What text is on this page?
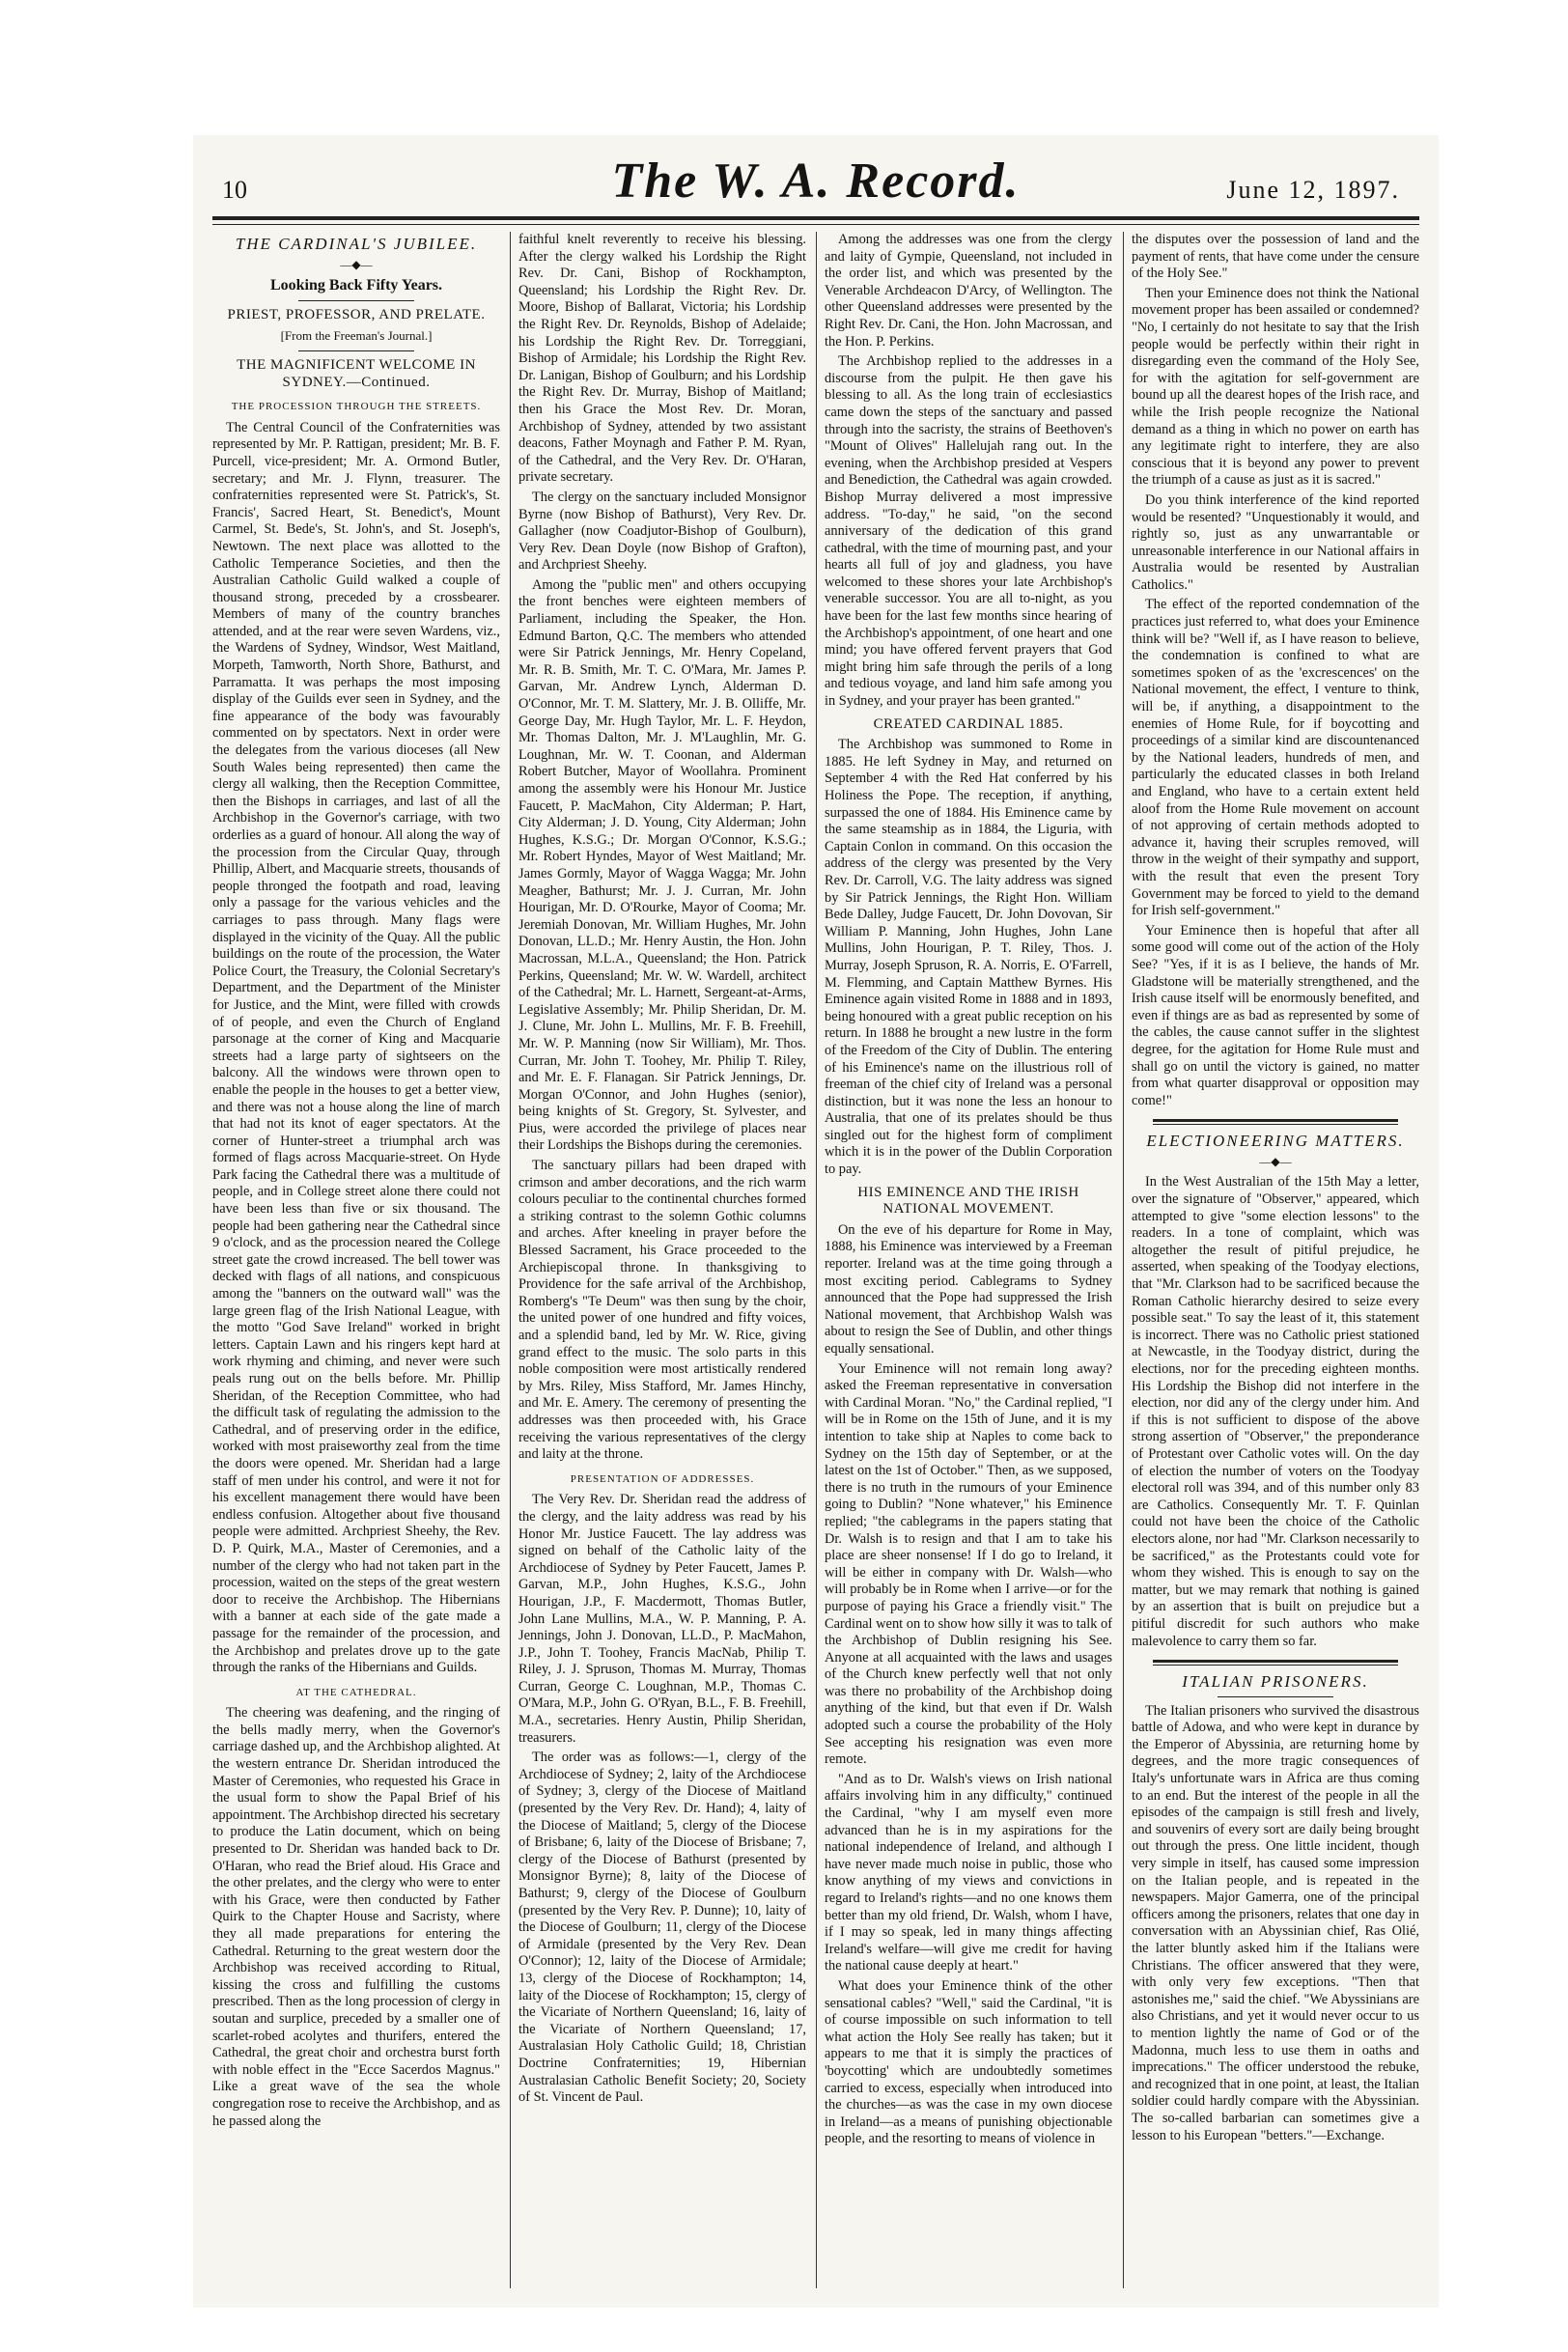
10	The W. A. Record.	June 12, 1897.
THE CARDINAL'S JUBILEE.
—◆—
Looking Back Fifty Years.
PRIEST, PROFESSOR, AND PRELATE.
[From the Freeman's Journal.]
THE MAGNIFICENT WELCOME IN SYDNEY.—Continued.
THE PROCESSION THROUGH THE STREETS.

The Central Council of the Confraternities was represented by Mr. P. Rattigan, president; Mr. B. F. Purcell, vice-president; Mr. A. Ormond Butler, secretary; and Mr. J. Flynn, treasurer. The confraternities represented were St. Patrick's, St. Francis', Sacred Heart, St. Benedict's, Mount Carmel, St. Bede's, St. John's, and St. Joseph's, Newtown. The next place was allotted to the Catholic Temperance Societies, and then the Australian Catholic Guild walked a couple of thousand strong, preceded by a crossbearer. Members of many of the country branches attended, and at the rear were seven Wardens, viz., the Wardens of Sydney, Windsor, West Maitland, Morpeth, Tamworth, North Shore, Bathurst, and Parramatta. It was perhaps the most imposing display of the Guilds ever seen in Sydney, and the fine appearance of the body was favourably commented on by spectators. Next in order were the delegates from the various dioceses (all New South Wales being represented) then came the clergy all walking, then the Reception Committee, then the Bishops in carriages, and last of all the Archbishop in the Governor's carriage, with two orderlies as a guard of honour. All along the way of the procession from the Circular Quay, through Phillip, Albert, and Macquarie streets, thousands of people thronged the footpath and road, leaving only a passage for the various vehicles and the carriages to pass through. Many flags were displayed in the vicinity of the Quay. All the public buildings on the route of the procession, the Water Police Court, the Treasury, the Colonial Secretary's Department, and the Department of the Minister for Justice, and the Mint, were filled with crowds of of people, and even the Church of England parsonage at the corner of King and Macquarie streets had a large party of sightseers on the balcony. All the windows were thrown open to enable the people in the houses to get a better view, and there was not a house along the line of march that had not its knot of eager spectators. At the corner of Hunter-street a triumphal arch was formed of flags across Macquarie-street. On Hyde Park facing the Cathedral there was a multitude of people, and in College street alone there could not have been less than five or six thousand. The people had been gathering near the Cathedral since 9 o'clock, and as the procession neared the College street gate the crowd increased. The bell tower was decked with flags of all nations, and conspicuous among the "banners on the outward wall" was the large green flag of the Irish National League, with the motto "God Save Ireland" worked in bright letters. Captain Lawn and his ringers kept hard at work rhyming and chiming, and never were such peals rung out on the bells before. Mr. Phillip Sheridan, of the Reception Committee, who had the difficult task of regulating the admission to the Cathedral, and of preserving order in the edifice, worked with most praiseworthy zeal from the time the doors were opened. Mr. Sheridan had a large staff of men under his control, and were it not for his excellent management there would have been endless confusion. Altogether about five thousand people were admitted. Archpriest Sheehy, the Rev. D. P. Quirk, M.A., Master of Ceremonies, and a number of the clergy who had not taken part in the procession, waited on the steps of the great western door to receive the Archbishop. The Hibernians with a banner at each side of the gate made a passage for the remainder of the procession, and the Archbishop and prelates drove up to the gate through the ranks of the Hibernians and Guilds.

AT THE CATHEDRAL.

The cheering was deafening, and the ringing of the bells madly merry, when the Governor's carriage dashed up, and the Archbishop alighted. At the western entrance Dr. Sheridan introduced the Master of Ceremonies, who requested his Grace in the usual form to show the Papal Brief of his appointment. The Archbishop directed his secretary to produce the Latin document, which on being presented to Dr. Sheridan was handed back to Dr. O'Haran, who read the Brief aloud. His Grace and the other prelates, and the clergy who were to enter with his Grace, were then conducted by Father Quirk to the Chapter House and Sacristy, where they all made preparations for entering the Cathedral. Returning to the great western door the Archbishop was received according to Ritual, kissing the cross and fulfilling the customs prescribed. Then as the long procession of clergy in soutan and surplice, preceded by a smaller one of scarlet-robed acolytes and thurifers, entered the Cathedral, the great choir and orchestra burst forth with noble effect in the "Ecce Sacerdos Magnus." Like a great wave of the sea the whole congregation rose to receive the Archbishop, and as he passed along the

faithful knelt reverently to receive his blessing. After the clergy walked his Lordship the Right Rev. Dr. Cani, Bishop of Rockhampton, Queensland; his Lordship the Right Rev. Dr. Moore, Bishop of Ballarat, Victoria; his Lordship the Right Rev. Dr. Reynolds, Bishop of Adelaide; his Lordship the Right Rev. Dr. Torreggiani, Bishop of Armidale; his Lordship the Right Rev. Dr. Lanigan, Bishop of Goulburn; and his Lordship the Right Rev. Dr. Murray, Bishop of Maitland; then his Grace the Most Rev. Dr. Moran, Archbishop of Sydney, attended by two assistant deacons, Father Moynagh and Father P. M. Ryan, of the Cathedral, and the Very Rev. Dr. O'Haran, private secretary.

The clergy on the sanctuary included Monsignor Byrne (now Bishop of Bathurst), Very Rev. Dr. Gallagher (now Coadjutor-Bishop of Goulburn), Very Rev. Dean Doyle (now Bishop of Grafton), and Archpriest Sheehy.

Among the "public men" and others occupying the front benches were eighteen members of Parliament, including the Speaker, the Hon. Edmund Barton, Q.C. The members who attended were Sir Patrick Jennings, Mr. Henry Copeland, Mr. R. B. Smith, Mr. T. C. O'Mara, Mr. James P. Garvan, Mr. Andrew Lynch, Alderman D. O'Connor, Mr. T. M. Slattery, Mr. J. B. Olliffe, Mr. George Day, Mr. Hugh Taylor, Mr. L. F. Heydon, Mr. Thomas Dalton, Mr. J. M'Laughlin, Mr. G. Loughnan, Mr. W. T. Coonan, and Alderman Robert Butcher, Mayor of Woollahra. Prominent among the assembly were his Honour Mr. Justice Faucett, P. MacMahon, City Alderman; P. Hart, City Alderman; J. D. Young, City Alderman; John Hughes, K.S.G.; Dr. Morgan O'Connor, K.S.G.; Mr. Robert Hyndes, Mayor of West Maitland; Mr. James Gormly, Mayor of Wagga Wagga; Mr. John Meagher, Bathurst; Mr. J. J. Curran, Mr. John Hourigan, Mr. D. O'Rourke, Mayor of Cooma; Mr. Jeremiah Donovan, Mr. William Hughes, Mr. John Donovan, LL.D.; Mr. Henry Austin, the Hon. John Macrossan, M.L.A., Queensland; the Hon. Patrick Perkins, Queensland; Mr. W. W. Wardell, architect of the Cathedral; Mr. L. Harnett, Sergeant-at-Arms, Legislative Assembly; Mr. Philip Sheridan, Dr. M. J. Clune, Mr. John L. Mullins, Mr. F. B. Freehill, Mr. W. P. Manning (now Sir William), Mr. Thos. Curran, Mr. John T. Toohey, Mr. Philip T. Riley, and Mr. E. F. Flanagan. Sir Patrick Jennings, Dr. Morgan O'Connor, and John Hughes (senior), being knights of St. Gregory, St. Sylvester, and Pius, were accorded the privilege of places near their Lordships the Bishops during the ceremonies.

The sanctuary pillars had been draped with crimson and amber decorations, and the rich warm colours peculiar to the continental churches formed a striking contrast to the solemn Gothic columns and arches. After kneeling in prayer before the Blessed Sacrament, his Grace proceeded to the Archiepiscopal throne. In thanksgiving to Providence for the safe arrival of the Archbishop, Romberg's "Te Deum" was then sung by the choir, the united power of one hundred and fifty voices, and a splendid band, led by Mr. W. Rice, giving grand effect to the music. The solo parts in this noble composition were most artistically rendered by Mrs. Riley, Miss Stafford, Mr. James Hinchy, and Mr. E. Amery. The ceremony of presenting the addresses was then proceeded with, his Grace receiving the various representatives of the clergy and laity at the throne.

PRESENTATION OF ADDRESSES.

The Very Rev. Dr. Sheridan read the address of the clergy, and the laity address was read by his Honor Mr. Justice Faucett. The lay address was signed on behalf of the Catholic laity of the Archdiocese of Sydney by Peter Faucett, James P. Garvan, M.P., John Hughes, K.S.G., John Hourigan, J.P., F. Macdermott, Thomas Butler, John Lane Mullins, M.A., W. P. Manning, P. A. Jennings, John J. Donovan, LL.D., P. MacMahon, J.P., John T. Toohey, Francis MacNab, Philip T. Riley, J. J. Spruson, Thomas M. Murray, Thomas Curran, George C. Loughnan, M.P., Thomas C. O'Mara, M.P., John G. O'Ryan, B.L., F. B. Freehill, M.A., secretaries. Henry Austin, Philip Sheridan, treasurers.

The order was as follows:—1, clergy of the Archdiocese of Sydney; 2, laity of the Archdiocese of Sydney; 3, clergy of the Diocese of Maitland (presented by the Very Rev. Dr. Hand); 4, laity of the Diocese of Maitland; 5, clergy of the Diocese of Brisbane; 6, laity of the Diocese of Brisbane; 7, clergy of the Diocese of Bathurst (presented by Monsignor Byrne); 8, laity of the Diocese of Bathurst; 9, clergy of the Diocese of Goulburn (presented by the Very Rev. P. Dunne); 10, laity of the Diocese of Goulburn; 11, clergy of the Diocese of Armidale (presented by the Very Rev. Dean O'Connor); 12, laity of the Diocese of Armidale; 13, clergy of the Diocese of Rockhampton; 14, laity of the Diocese of Rockhampton; 15, clergy of the Vicariate of Northern Queensland; 16, laity of the Vicariate of Northern Queensland; 17, Australasian Holy Catholic Guild; 18, Christian Doctrine Confraternities; 19, Hibernian Australasian Catholic Benefit Society; 20, Society of St. Vincent de Paul.

Among the addresses was one from the clergy and laity of Gympie, Queensland, not included in the order list, and which was presented by the Venerable Archdeacon D'Arcy, of Wellington. The other Queensland addresses were presented by the Right Rev. Dr. Cani, the Hon. John Macrossan, and the Hon. P. Perkins.

The Archbishop replied to the addresses in a discourse from the pulpit. He then gave his blessing to all. As the long train of ecclesiastics came down the steps of the sanctuary and passed through into the sacristy, the strains of Beethoven's "Mount of Olives" Hallelujah rang out. In the evening, when the Archbishop presided at Vespers and Benediction, the Cathedral was again crowded. Bishop Murray delivered a most impressive address. "To-day," he said, "on the second anniversary of the dedication of this grand cathedral, with the time of mourning past, and your hearts all full of joy and gladness, you have welcomed to these shores your late Archbishop's venerable successor. You are all to-night, as you have been for the last few months since hearing of the Archbishop's appointment, of one heart and one mind; you have offered fervent prayers that God might bring him safe through the perils of a long and tedious voyage, and land him safe among you in Sydney, and your prayer has been granted."

CREATED CARDINAL 1885.

The Archbishop was summoned to Rome in 1885. He left Sydney in May, and returned on September 4 with the Red Hat conferred by his Holiness the Pope. The reception, if anything, surpassed the one of 1884. His Eminence came by the same steamship as in 1884, the Liguria, with Captain Conlon in command. On this occasion the address of the clergy was presented by the Very Rev. Dr. Carroll, V.G. The laity address was signed by Sir Patrick Jennings, the Right Hon. William Bede Dalley, Judge Faucett, Dr. John Dovovan, Sir William P. Manning, John Hughes, John Lane Mullins, John Hourigan, P. T. Riley, Thos. J. Murray, Joseph Spruson, R. A. Norris, E. O'Farrell, M. Flemming, and Captain Matthew Byrnes. His Eminence again visited Rome in 1888 and in 1893, being honoured with a great public reception on his return. In 1888 he brought a new lustre in the form of the Freedom of the City of Dublin. The entering of his Eminence's name on the illustrious roll of freeman of the chief city of Ireland was a personal distinction, but it was none the less an honour to Australia, that one of its prelates should be thus singled out for the highest form of compliment which it is in the power of the Dublin Corporation to pay.

HIS EMINENCE AND THE IRISH NATIONAL MOVEMENT.

On the eve of his departure for Rome in May, 1888, his Eminence was interviewed by a Freeman reporter. Ireland was at the time going through a most exciting period. Cablegrams to Sydney announced that the Pope had suppressed the Irish National movement, that Archbishop Walsh was about to resign the See of Dublin, and other things equally sensational.

Your Eminence will not remain long away? asked the Freeman representative in conversation with Cardinal Moran. "No," the Cardinal replied, "I will be in Rome on the 15th of June, and it is my intention to take ship at Naples to come back to Sydney on the 15th day of September, or at the latest on the 1st of October." Then, as we supposed, there is no truth in the rumours of your Eminence going to Dublin? "None whatever," his Eminence replied; "the cablegrams in the papers stating that Dr. Walsh is to resign and that I am to take his place are sheer nonsense! If I do go to Ireland, it will be either in company with Dr. Walsh—who will probably be in Rome when I arrive—or for the purpose of paying his Grace a friendly visit." The Cardinal went on to show how silly it was to talk of the Archbishop of Dublin resigning his See. Anyone at all acquainted with the laws and usages of the Church knew perfectly well that not only was there no probability of the Archbishop doing anything of the kind, but that even if Dr. Walsh adopted such a course the probability of the Holy See accepting his resignation was even more remote.

"And as to Dr. Walsh's views on Irish national affairs involving him in any difficulty," continued the Cardinal, "why I am myself even more advanced than he is in my aspirations for the national independence of Ireland, and although I have never made much noise in public, those who know anything of my views and convictions in regard to Ireland's rights—and no one knows them better than my old friend, Dr. Walsh, whom I have, if I may so speak, led in many things affecting Ireland's welfare—will give me credit for having the national cause deeply at heart."

What does your Eminence think of the other sensational cables? "Well," said the Cardinal, "it is of course impossible on such information to tell what action the Holy See really has taken; but it appears to me that it is simply the practices of 'boycotting' which are undoubtedly sometimes carried to excess, especially when introduced into the churches—as was the case in my own diocese in Ireland—as a means of punishing objectionable people, and the resorting to means of violence in

the disputes over the possession of land and the payment of rents, that have come under the censure of the Holy See."

Then your Eminence does not think the National movement proper has been assailed or condemned? "No, I certainly do not hesitate to say that the Irish people would be perfectly within their right in disregarding even the command of the Holy See, for with the agitation for self-government are bound up all the dearest hopes of the Irish race, and while the Irish people recognize the National demand as a thing in which no power on earth has any legitimate right to interfere, they are also conscious that it is beyond any power to prevent the triumph of a cause as just as it is sacred."

Do you think interference of the kind reported would be resented? "Unquestionably it would, and rightly so, just as any unwarrantable or unreasonable interference in our National affairs in Australia would be resented by Australian Catholics."

The effect of the reported condemnation of the practices just referred to, what does your Eminence think will be? "Well if, as I have reason to believe, the condemnation is confined to what are sometimes spoken of as the 'excrescences' on the National movement, the effect, I venture to think, will be, if anything, a disappointment to the enemies of Home Rule, for if boycotting and proceedings of a similar kind are discountenanced by the National leaders, hundreds of men, and particularly the educated classes in both Ireland and England, who have to a certain extent held aloof from the Home Rule movement on account of not approving of certain methods adopted to advance it, having their scruples removed, will throw in the weight of their sympathy and support, with the result that even the present Tory Government may be forced to yield to the demand for Irish self-government."

Your Eminence then is hopeful that after all some good will come out of the action of the Holy See? "Yes, if it is as I believe, the hands of Mr. Gladstone will be materially strengthened, and the Irish cause itself will be enormously benefited, and even if things are as bad as represented by some of the cables, the cause cannot suffer in the slightest degree, for the agitation for Home Rule must and shall go on until the victory is gained, no matter from what quarter disapproval or opposition may come!"

ELECTIONEERING MATTERS.
—◆—

In the West Australian of the 15th May a letter, over the signature of "Observer," appeared, which attempted to give "some election lessons" to the readers. In a tone of complaint, which was altogether the result of pitiful prejudice, he asserted, when speaking of the Toodyay elections, that "Mr. Clarkson had to be sacrificed because the Roman Catholic hierarchy desired to seize every possible seat." To say the least of it, this statement is incorrect. There was no Catholic priest stationed at Newcastle, in the Toodyay district, during the elections, nor for the preceding eighteen months. His Lordship the Bishop did not interfere in the election, nor did any of the clergy under him. And if this is not sufficient to dispose of the above strong assertion of "Observer," the preponderance of Protestant over Catholic votes will. On the day of election the number of voters on the Toodyay electoral roll was 394, and of this number only 83 are Catholics. Consequently Mr. T. F. Quinlan could not have been the choice of the Catholic electors alone, nor had "Mr. Clarkson necessarily to be sacrificed," as the Protestants could vote for whom they wished. This is enough to say on the matter, but we may remark that nothing is gained by an assertion that is built on prejudice but a pitiful discredit for such authors who make malevolence to carry them so far.

ITALIAN PRISONERS.

The Italian prisoners who survived the disastrous battle of Adowa, and who were kept in durance by the Emperor of Abyssinia, are returning home by degrees, and the more tragic consequences of Italy's unfortunate wars in Africa are thus coming to an end. But the interest of the people in all the episodes of the campaign is still fresh and lively, and souvenirs of every sort are daily being brought out through the press. One little incident, though very simple in itself, has caused some impression on the Italian people, and is repeated in the newspapers. Major Gamerra, one of the principal officers among the prisoners, relates that one day in conversation with an Abyssinian chief, Ras Olié, the latter bluntly asked him if the Italians were Christians. The officer answered that they were, with only very few exceptions. "Then that astonishes me," said the chief. "We Abyssinians are also Christians, and yet it would never occur to us to mention lightly the name of God or of the Madonna, much less to use them in oaths and imprecations." The officer understood the rebuke, and recognized that in one point, at least, the Italian soldier could hardly compare with the Abyssinian. The so-called barbarian can sometimes give a lesson to his European "betters."—Exchange.
